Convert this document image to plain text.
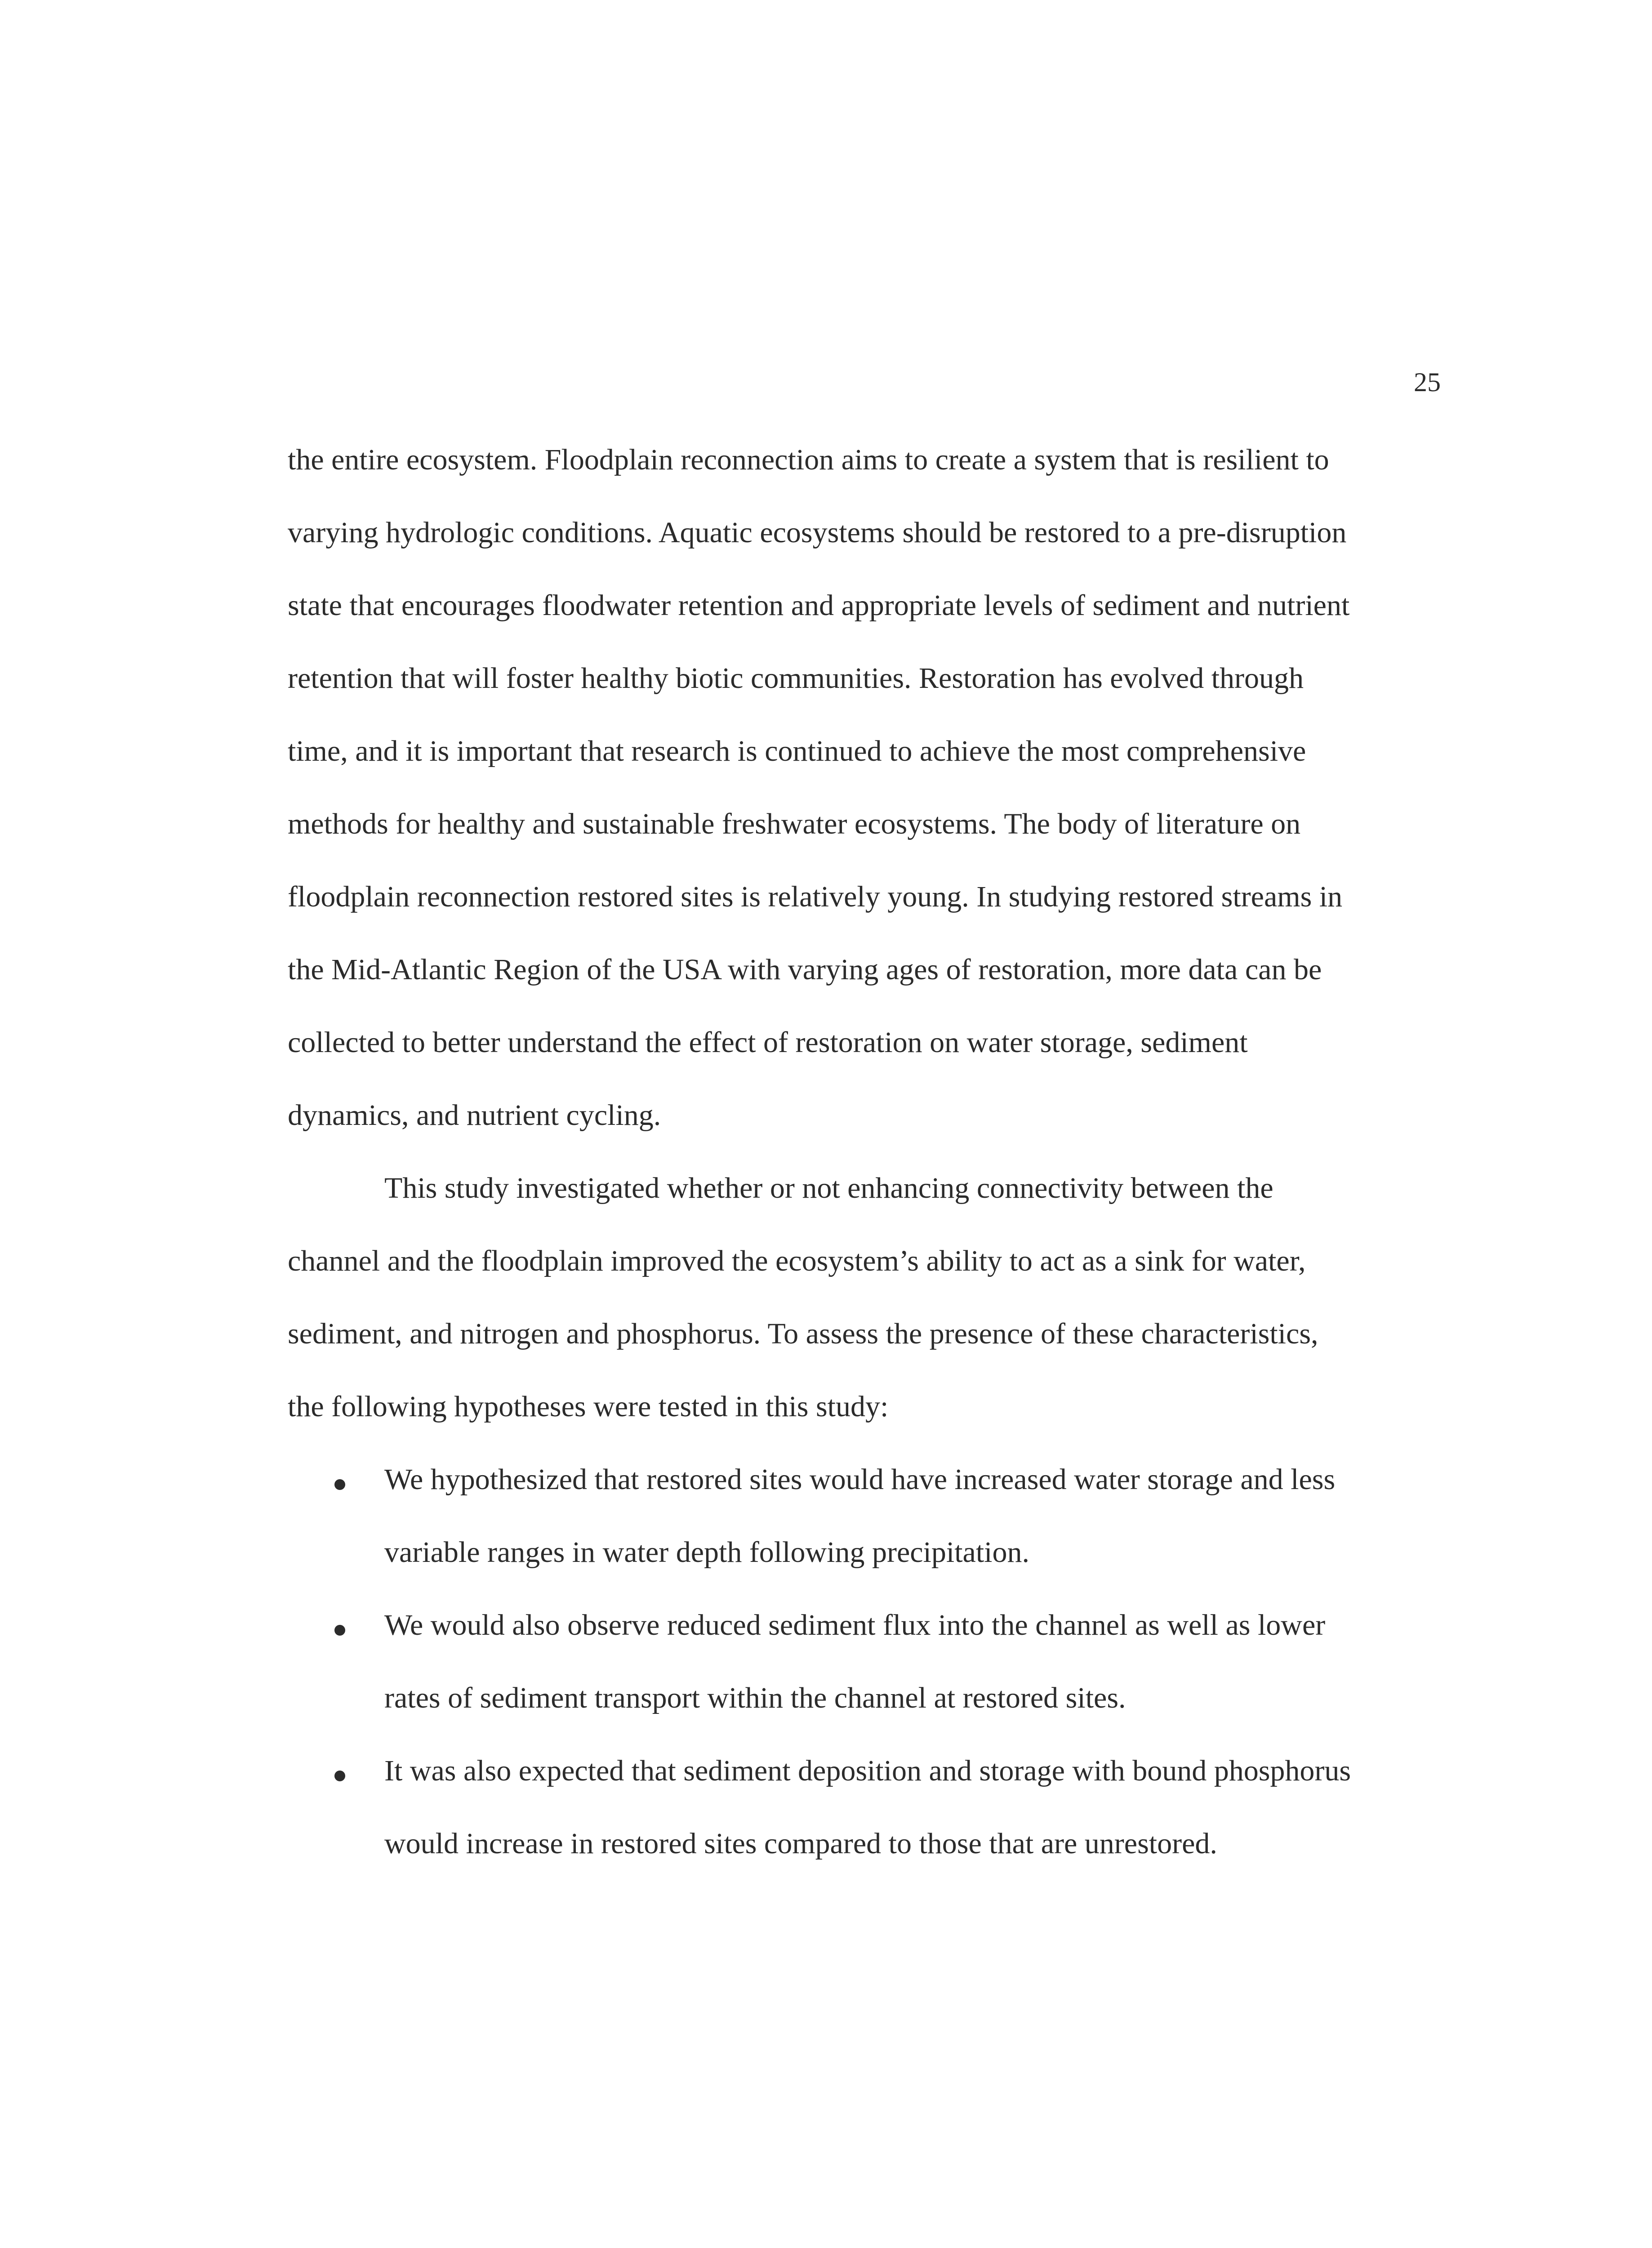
25
the entire ecosystem. Floodplain reconnection aims to create a system that is resilient to
varying hydrologic conditions. Aquatic ecosystems should be restored to a pre-disruption
state that encourages floodwater retention and appropriate levels of sediment and nutrient
retention that will foster healthy biotic communities. Restoration has evolved through
time, and it is important that research is continued to achieve the most comprehensive
methods for healthy and sustainable freshwater ecosystems. The body of literature on
floodplain reconnection restored sites is relatively young. In studying restored streams in
the Mid-Atlantic Region of the USA with varying ages of restoration, more data can be
collected to better understand the effect of restoration on water storage, sediment
dynamics, and nutrient cycling.
This study investigated whether or not enhancing connectivity between the
channel and the floodplain improved the ecosystem’s ability to act as a sink for water,
sediment, and nitrogen and phosphorus. To assess the presence of these characteristics,
the following hypotheses were tested in this study:
We hypothesized that restored sites would have increased water storage and less
variable ranges in water depth following precipitation.
We would also observe reduced sediment flux into the channel as well as lower
rates of sediment transport within the channel at restored sites.
It was also expected that sediment deposition and storage with bound phosphorus
would increase in restored sites compared to those that are unrestored.
